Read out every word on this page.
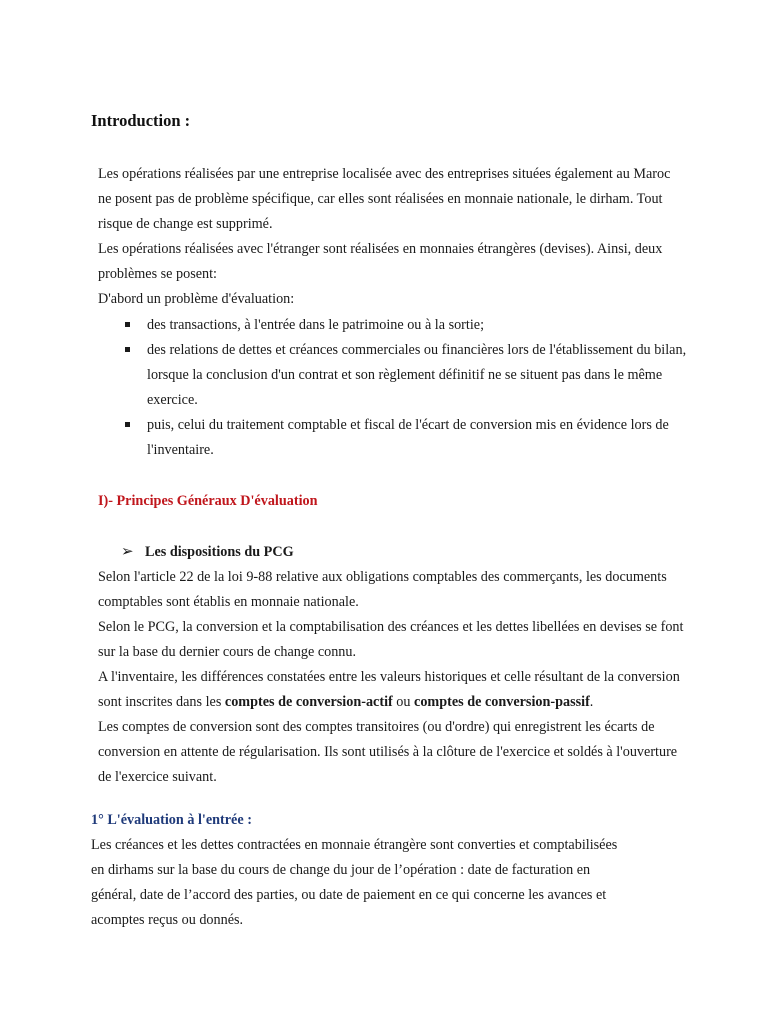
Introduction :
Les opérations réalisées par une entreprise localisée avec des entreprises situées également au Maroc
ne posent pas de problème spécifique, car elles sont réalisées en monnaie nationale, le dirham. Tout
risque de change est supprimé.
Les opérations réalisées avec l'étranger sont réalisées en monnaies étrangères (devises). Ainsi, deux
problèmes se posent:
D'abord un problème d'évaluation:
des transactions, à l'entrée dans le patrimoine ou à la sortie;
des relations de dettes et créances commerciales ou financières lors de l'établissement du bilan,
lorsque la conclusion d'un contrat et son règlement définitif ne se situent pas dans le même
exercice.
puis, celui du traitement comptable et fiscal de l'écart de conversion mis en évidence lors de
l'inventaire.
I)- Principes Généraux D'évaluation
➢ Les dispositions du PCG
Selon l'article 22 de la loi 9-88 relative aux obligations comptables des commerçants, les documents
comptables sont établis en monnaie nationale.
Selon le PCG, la conversion et la comptabilisation des créances et les dettes libellées en devises se font
sur la base du dernier cours de change connu.
A l'inventaire, les différences constatées entre les valeurs historiques et celle résultant de la conversion
sont inscrites dans les comptes de conversion-actif ou comptes de conversion-passif.
Les comptes de conversion sont des comptes transitoires (ou d'ordre) qui enregistrent les écarts de
conversion en attente de régularisation. Ils sont utilisés à la clôture de l'exercice et soldés à l'ouverture
de l'exercice suivant.
1° L'évaluation à l'entrée :
Les créances et les dettes contractées en monnaie étrangère sont converties et comptabilisées
en dirhams sur la base du cours de change du jour de l’opération : date de facturation en
général, date de l’accord des parties, ou date de paiement en ce qui concerne les avances et
acomptes reçus ou donnés.
